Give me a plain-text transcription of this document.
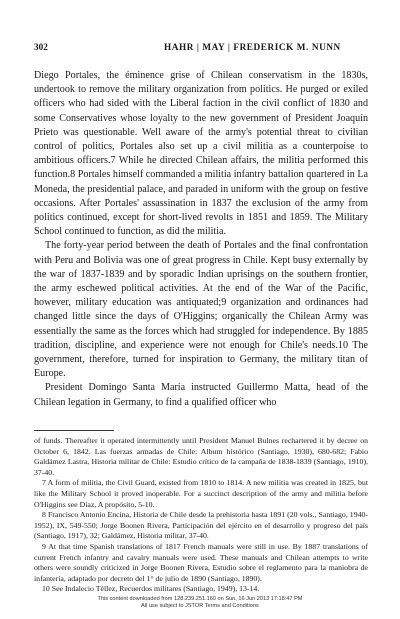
302	HAHR | MAY | FREDERICK M. NUNN

Diego Portales, the éminence grise of Chilean conservatism in the 1830s, undertook to remove the military organization from politics. He purged or exiled officers who had sided with the Liberal faction in the civil conflict of 1830 and some Conservatives whose loyalty to the new government of President Joaquín Prieto was questionable. Well aware of the army's potential threat to civilian control of politics, Portales also set up a civil militia as a counterpoise to ambitious officers.7 While he directed Chilean affairs, the militia performed this function.8 Portales himself commanded a militia infantry battalion quartered in La Moneda, the presidential palace, and paraded in uniform with the group on festive occasions. After Portales' assassination in 1837 the exclusion of the army from politics continued, except for short-lived revolts in 1851 and 1859. The Military School continued to function, as did the militia.

The forty-year period between the death of Portales and the final confrontation with Peru and Bolivia was one of great progress in Chile. Kept busy externally by the war of 1837-1839 and by sporadic Indian uprisings on the southern frontier, the army eschewed political activities. At the end of the War of the Pacific, however, military education was antiquated;9 organization and ordinances had changed little since the days of O'Higgins; organically the Chilean Army was essentially the same as the forces which had struggled for independence. By 1885 tradition, discipline, and experience were not enough for Chile's needs.10 The government, therefore, turned for inspiration to Germany, the military titan of Europe.

President Domingo Santa María instructed Guillermo Matta, head of the Chilean legation in Germany, to find a qualified officer who

of funds. Thereafter it operated intermittently until President Manuel Bulnes rechartered it by decree on October 6, 1842. Las fuerzas armadas de Chile: Album histórico (Santiago, 1930), 680-682; Fabio Galdámez Lastra, Historia militar de Chile: Estudio crítico de la campaña de 1838-1839 (Santiago, 1910), 37-40.

7 A form of militia, the Civil Guard, existed from 1810 to 1814. A new militia was created in 1825, but like the Military School it proved inoperable. For a succinct description of the army and militia before O'Higgins see Díaz, A propósito, 5-10.

8 Francisco Antonio Encina, Historia de Chile desde la prehistoria hasta 1891 (20 vols., Santiago, 1940-1952), IX, 549-550; Jorge Boonen Rivera, Participación del ejército en el desarrollo y progreso del país (Santiago, 1917), 32; Galdámez, Historia militar, 37-40.

9 At that time Spanish translations of 1817 French manuals were still in use. By 1887 translations of current French infantry and cavalry manuals were used. These manuals and Chilean attempts to write others were soundly criticized in Jorge Boonen Rivera, Estudio sobre el reglamento para la maniobra de infantería, adaptado por decreto del 1° de julio de 1890 (Santiago, 1890).

10 See Indalecio Téllez, Recuerdos militares (Santiago, 1949), 13-14.

This content downloaded from 128.239.251.160 on Sun, 16 Jun 2013 17:18:47 PM
All use subject to JSTOR Terms and Conditions
